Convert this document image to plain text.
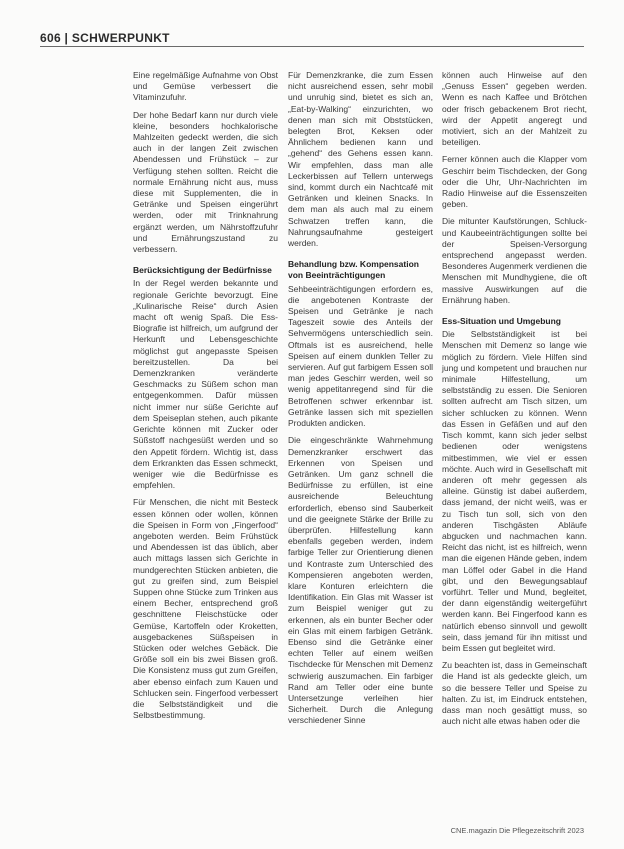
606 | SCHWERPUNKT

Eine regelmäßige Aufnahme von Obst und Gemüse verbessert die Vitaminzufuhr.

Der hohe Bedarf kann nur durch viele kleine, besonders hochkalorische Mahlzeiten gedeckt werden, die sich auch in der langen Zeit zwischen Abendessen und Frühstück – zur Verfügung stehen sollten. Reicht die normale Ernährung nicht aus, muss diese mit Supplementen, die in Getränke und Speisen eingerührt werden, oder mit Trinknahrung ergänzt werden, um Nährstoffzufuhr und Ernährungszustand zu verbessern.

Berücksichtigung der Bedürfnisse

In der Regel werden bekannte und regionale Gerichte bevorzugt. Eine „Kulinarische Reise“ durch Asien macht oft wenig Spaß. Die Ess-Biografie ist hilfreich, um aufgrund der Herkunft und Lebensgeschichte möglichst gut angepasste Speisen bereitzustellen. Da bei Demenzkranken veränderte Geschmacks zu Süßem schon man entgegenkommen. Dafür müssen nicht immer nur süße Gerichte auf dem Speiseplan stehen, auch pikante Gerichte können mit Zucker oder Süßstoff nachgesüßt werden und so den Appetit fördern. Wichtig ist, dass dem Erkrankten das Essen schmeckt, weniger wie die Bedürfnisse es empfehlen.

Für Menschen, die nicht mit Besteck essen können oder wollen, können die Speisen in Form von „Fingerfood“ angeboten werden. Beim Frühstück und Abendessen ist das üblich, aber auch mittags lassen sich Gerichte in mundgerechten Stücken anbieten, die gut zu greifen sind, zum Beispiel Suppen ohne Stücke zum Trinken aus einem Becher, entsprechend groß geschnittene Fleischstücke oder Gemüse, Kartoffeln oder Kroketten, ausgebackenes Süßspeisen in Stücken oder welches Gebäck. Die Größe soll ein bis zwei Bissen groß. Die Konsistenz muss gut zum Greifen, aber ebenso einfach zum Kauen und Schlucken sein. Fingerfood verbessert die Selbstständigkeit und die Selbstbestimmung.

Für Demenzkranke, die zum Essen nicht ausreichend essen, sehr mobil und unruhig sind, bietet es sich an, „Eat-by-Walking“ einzurichten, wo denen man sich mit Obststücken, belegten Brot, Keksen oder Ähnlichem bedienen kann und „gehend“ des Gehens essen kann. Wir empfehlen, dass man alle Leckerbissen auf Tellern unterwegs sind, kommt durch ein Nachtcafé mit Getränken und kleinen Snacks. In dem man als auch mal zu einem Schwatzen treffen kann, die Nahrungsaufnahme gesteigert werden.

Behandlung bzw. Kompensation von Beeinträchtigungen

Sehbeeinträchtigungen erfordern es, die angebotenen Kontraste der Speisen und Getränke je nach Tageszeit sowie des Anteils der Sehvermögens unterschiedlich sein. Oftmals ist es ausreichend, helle Speisen auf einem dunklen Teller zu servieren. Auf gut farbigem Essen soll man jedes Geschirr werden, weil so wenig appetitanregend sind für die Betroffenen schwer erkennbar ist. Getränke lassen sich mit speziellen Produkten andicken.

Die eingeschränkte Wahrnehmung Demenzkranker erschwert das Erkennen von Speisen und Getränken. Um ganz schnell die Bedürfnisse zu erfüllen, ist eine ausreichende Beleuchtung erforderlich, ebenso sind Sauberkeit und die geeignete Stärke der Brille zu überprüfen. Hilfestellung kann ebenfalls gegeben werden, indem farbige Teller zur Orientierung dienen und Kontraste zum Unterschied des Kompensieren angeboten werden, klare Konturen erleichtern die Identifikation. Ein Glas mit Wasser ist zum Beispiel weniger gut zu erkennen, als ein bunter Becher oder ein Glas mit einem farbigen Getränk. Ebenso sind die Getränke einer echten Teller auf einem weißen Tischdecke für Menschen mit Demenz schwierig auszumachen. Ein farbiger Rand am Teller oder eine bunte Untersetzunge verleihen hier Sicherheit. Durch die Anlegung verschiedener Sinne

können auch Hinweise auf den „Genuss Essen“ gegeben werden. Wenn es nach Kaffee und Brötchen oder frisch gebackenem Brot riecht, wird der Appetit angeregt und motiviert, sich an der Mahlzeit zu beteiligen.

Ferner können auch die Klapper vom Geschirr beim Tischdecken, der Gong oder die Uhr, Uhr-Nachrichten im Radio Hinweise auf die Essenszeiten geben.

Die mitunter Kaufstörungen, Schluck- und Kaubeeinträchtigungen sollte bei der Speisen-Versorgung entsprechend angepasst werden. Besonderes Augenmerk verdienen die Menschen mit Mundhygiene, die oft massive Auswirkungen auf die Ernährung haben.

Ess-Situation und Umgebung

Die Selbstständigkeit ist bei Menschen mit Demenz so lange wie möglich zu fördern. Viele Hilfen sind jung und kompetent und brauchen nur minimale Hilfestellung, um selbstständig zu essen. Die Senioren sollten aufrecht am Tisch sitzen, um sicher schlucken zu können. Wenn das Essen in Gefäßen und auf den Tisch kommt, kann sich jeder selbst bedienen oder wenigstens mitbestimmen, wie viel er essen möchte. Auch wird in Gesellschaft mit anderen oft mehr gegessen als alleine. Günstig ist dabei außerdem, dass jemand, der nicht weiß, was er zu Tisch tun soll, sich von den anderen Tischgästen Abläufe abgucken und nachmachen kann. Reicht das nicht, ist es hilfreich, wenn man die eigenen Hände geben, indem man Löffel oder Gabel in die Hand gibt, und den Bewegungsablauf vorführt. Teller und Mund, begleitet, der dann eigenständig weitergeführt werden kann. Bei Fingerfood kann es natürlich ebenso sinnvoll und gewollt sein, dass jemand für ihn mitisst und beim Essen gut begleitet wird.

Zu beachten ist, dass in Gemeinschaft die Hand ist als gedeckte gleich, um so die bessere Teller und Speise zu halten. Zu ist, im Eindruck entstehen, dass man noch gesättigt muss, so auch nicht alle etwas haben oder die

CNE.magazin Die Pflegezeitschrift 2023
